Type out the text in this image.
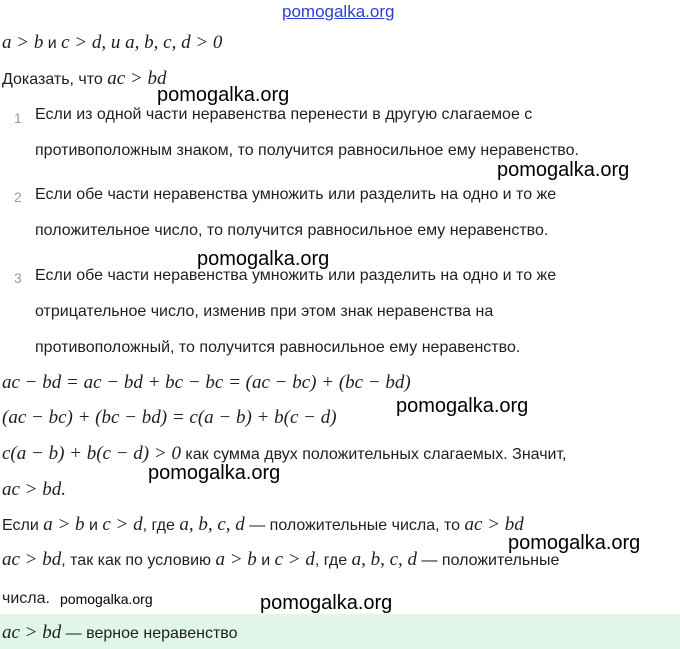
pomogalka.org
a > b и c > d, и a, b, c, d > 0
Доказать, что ac > bd
pomogalka.org
1 Если из одной части неравенства перенести в другую слагаемое с
противоположным знаком, то получится равносильное ему неравенство.
pomogalka.org
2 Если обе части неравенства умножить или разделить на одно и то же
положительное число, то получится равносильное ему неравенство.
pomogalka.org
3 Если обе части неравенства умножить или разделить на одно и то же
отрицательное число, изменив при этом знак неравенства на
противоположный, то получится равносильное ему неравенство.
ac − bd = ac − bd + bc − bc = (ac − bc) + (bc − bd)
(ac − bc) + (bc − bd) = c(a − b) + b(c − d)
pomogalka.org
c(a − b) + b(c − d) > 0 как сумма двух положительных слагаемых. Значит,
pomogalka.org
ac > bd.
Если a > b и c > d, где a, b, c, d — положительные числа, то ac > bd
pomogalka.org
ac > bd, так как по условию a > b и c > d, где a, b, c, d — положительные
числа. pomogalka.org	pomogalka.org
ac > bd — верное неравенство
